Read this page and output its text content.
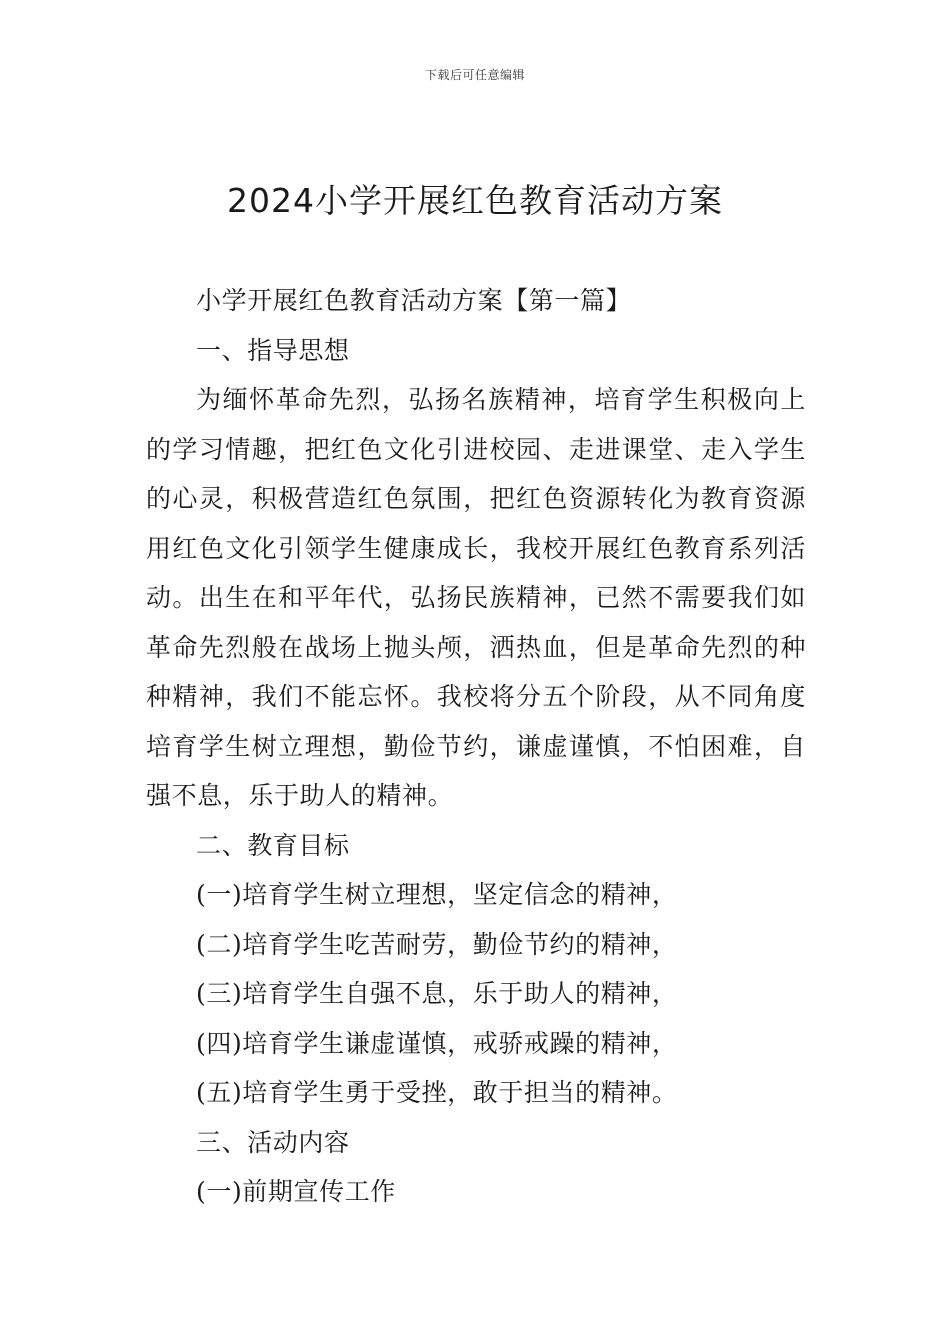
下载后可任意编辑
2024小学开展红色教育活动方案
小学开展红色教育活动方案【第一篇】
一、指导思想
为缅怀革命先烈，弘扬名族精神，培育学生积极向上
的学习情趣，把红色文化引进校园、走进课堂、走入学生
的心灵，积极营造红色氛围，把红色资源转化为教育资源
用红色文化引领学生健康成长，我校开展红色教育系列活
动。出生在和平年代，弘扬民族精神，已然不需要我们如
革命先烈般在战场上抛头颅，洒热血，但是革命先烈的种
种精神，我们不能忘怀。我校将分五个阶段，从不同角度
培育学生树立理想，勤俭节约，谦虚谨慎，不怕困难，自
强不息，乐于助人的精神。
二、教育目标
(一)培育学生树立理想，坚定信念的精神，
(二)培育学生吃苦耐劳，勤俭节约的精神，
(三)培育学生自强不息，乐于助人的精神，
(四)培育学生谦虚谨慎，戒骄戒躁的精神，
(五)培育学生勇于受挫，敢于担当的精神。
三、活动内容
(一)前期宣传工作
